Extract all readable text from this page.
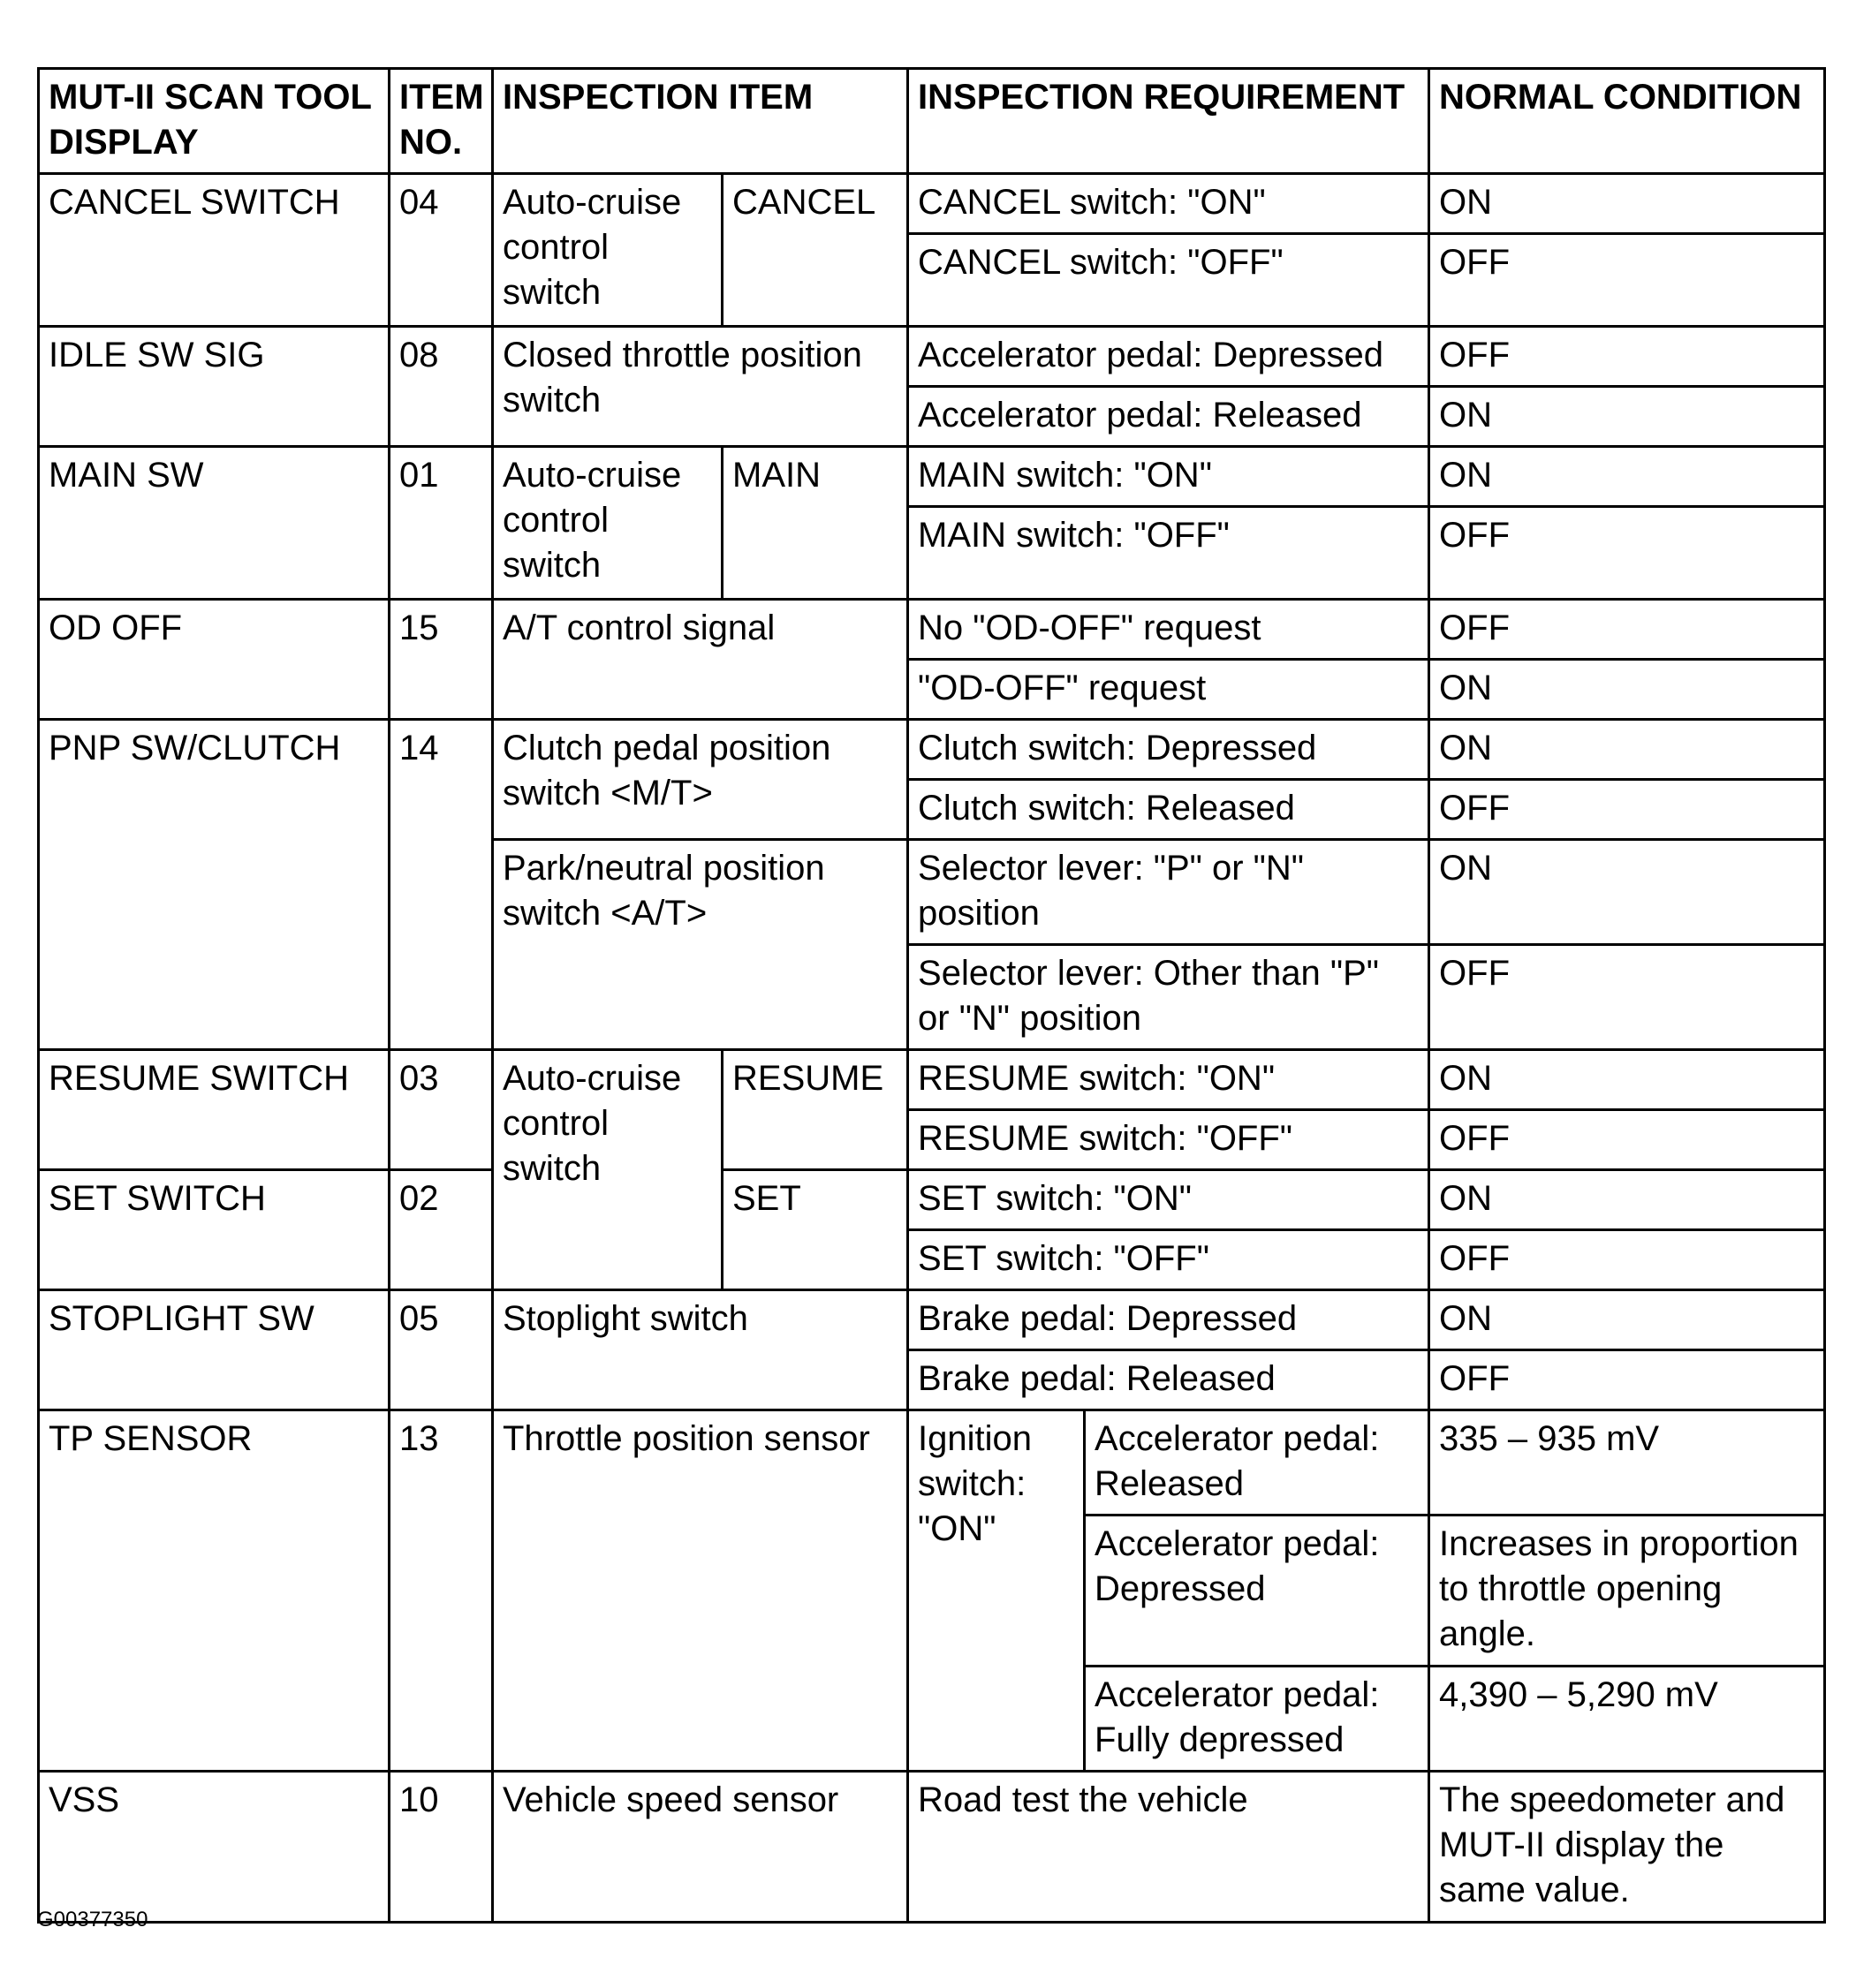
MUT-II SCAN TOOL DISPLAY	ITEM NO.	INSPECTION ITEM		INSPECTION REQUIREMENT		NORMAL CONDITION
CANCEL SWITCH	04	Auto-cruise control switch	CANCEL	CANCEL switch: "ON"		ON
				CANCEL switch: "OFF"		OFF
IDLE SW SIG	08	Closed throttle position switch		Accelerator pedal: Depressed		OFF
				Accelerator pedal: Released		ON
MAIN SW	01	Auto-cruise control switch	MAIN	MAIN switch: "ON"		ON
				MAIN switch: "OFF"		OFF
OD OFF	15	A/T control signal		No "OD-OFF" request		OFF
				"OD-OFF" request		ON
PNP SW/CLUTCH	14	Clutch pedal position switch <M/T>		Clutch switch: Depressed		ON
				Clutch switch: Released		OFF
		Park/neutral position switch <A/T>		Selector lever: "P" or "N" position		ON
				Selector lever: Other than "P" or "N" position		OFF
RESUME SWITCH	03	Auto-cruise control switch	RESUME	RESUME switch: "ON"		ON
				RESUME switch: "OFF"		OFF
SET SWITCH	02		SET	SET switch: "ON"		ON
				SET switch: "OFF"		OFF
STOPLIGHT SW	05	Stoplight switch		Brake pedal: Depressed		ON
				Brake pedal: Released		OFF
TP SENSOR	13	Throttle position sensor		Ignition switch: "ON"	Accelerator pedal: Released	335 – 935 mV
					Accelerator pedal: Depressed	Increases in proportion to throttle opening angle.
					Accelerator pedal: Fully depressed	4,390 – 5,290 mV
VSS	10	Vehicle speed sensor		Road test the vehicle		The speedometer and MUT-II display the same value.
G00377350
